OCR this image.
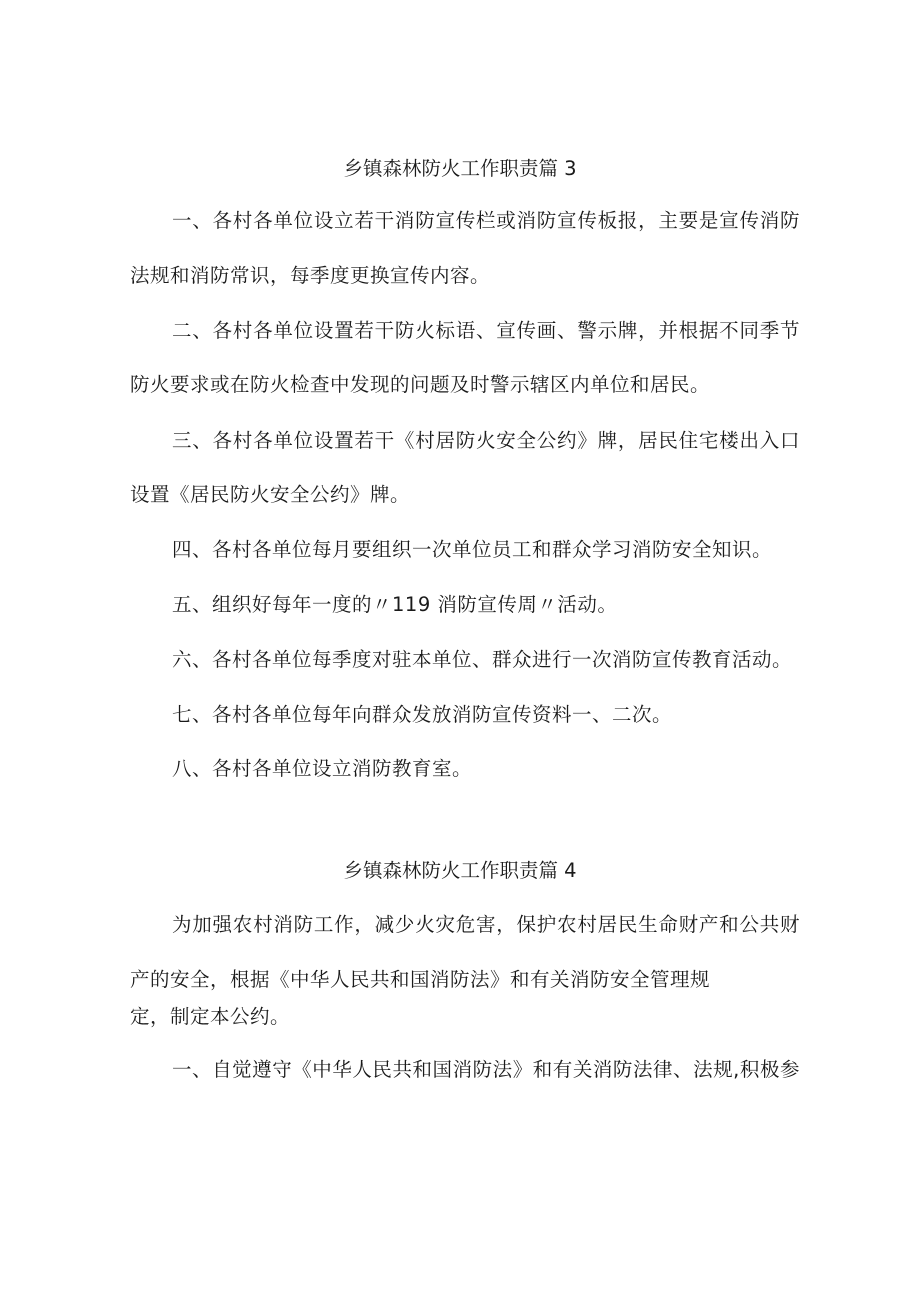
乡镇森林防火工作职责篇 3
一、各村各单位设立若干消防宣传栏或消防宣传板报，主要是宣传消防
法规和消防常识，每季度更换宣传内容。
二、各村各单位设置若干防火标语、宣传画、警示牌，并根据不同季节
防火要求或在防火检查中发现的问题及时警示辖区内单位和居民。
三、各村各单位设置若干《村居防火安全公约》牌，居民住宅楼出入口
设置《居民防火安全公约》牌。
四、各村各单位每月要组织一次单位员工和群众学习消防安全知识。
五、组织好每年一度的〃119 消防宣传周〃活动。
六、各村各单位每季度对驻本单位、群众进行一次消防宣传教育活动。
七、各村各单位每年向群众发放消防宣传资料一、二次。
八、各村各单位设立消防教育室。
乡镇森林防火工作职责篇 4
为加强农村消防工作，减少火灾危害，保护农村居民生命财产和公共财
产的安全，根据《中华人民共和国消防法》和有关消防安全管理规
定，制定本公约。
一、自觉遵守《中华人民共和国消防法》和有关消防法律、法规,积极参
